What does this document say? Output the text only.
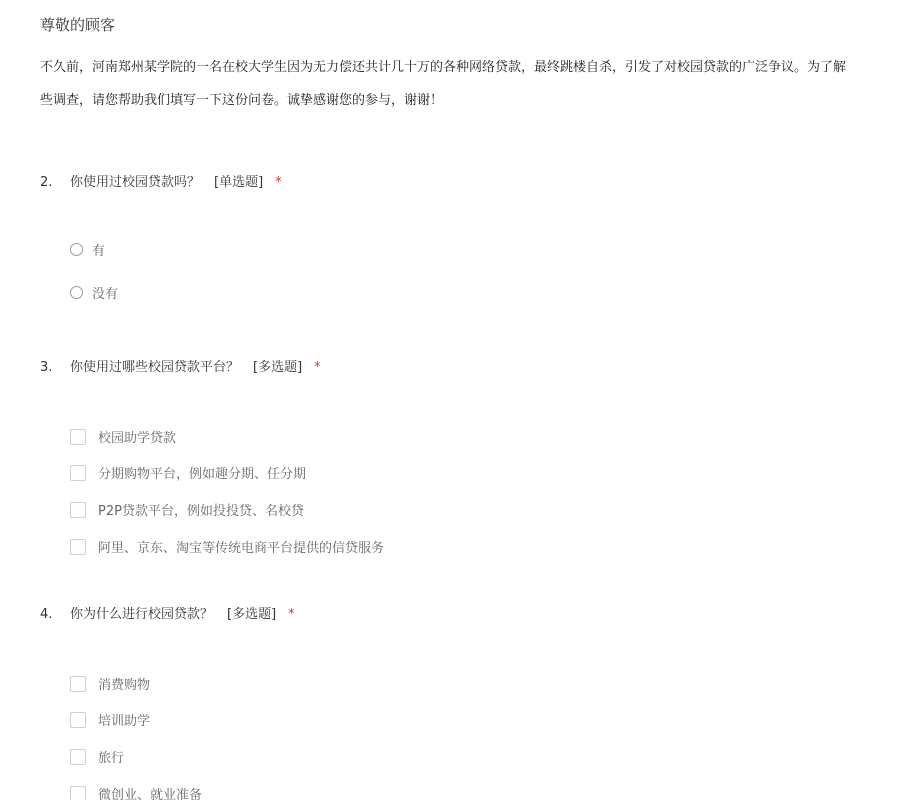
尊敬的顾客
不久前，河南郑州某学院的一名在校大学生因为无力偿还共计几十万的各种网络贷款，最终跳楼自杀，引发了对校园贷款的广泛争议。为了解
些调查，请您帮助我们填写一下这份问卷。诚挚感谢您的参与，谢谢！
2. 你使用过校园贷款吗？ [单选题] *
有
没有
3. 你使用过哪些校园贷款平台？ [多选题] *
校园助学贷款
分期购物平台，例如趣分期、任分期
P2P贷款平台，例如投投贷、名校贷
阿里、京东、淘宝等传统电商平台提供的信贷服务
4. 你为什么进行校园贷款？ [多选题] *
消费购物
培训助学
旅行
微创业、就业准备
